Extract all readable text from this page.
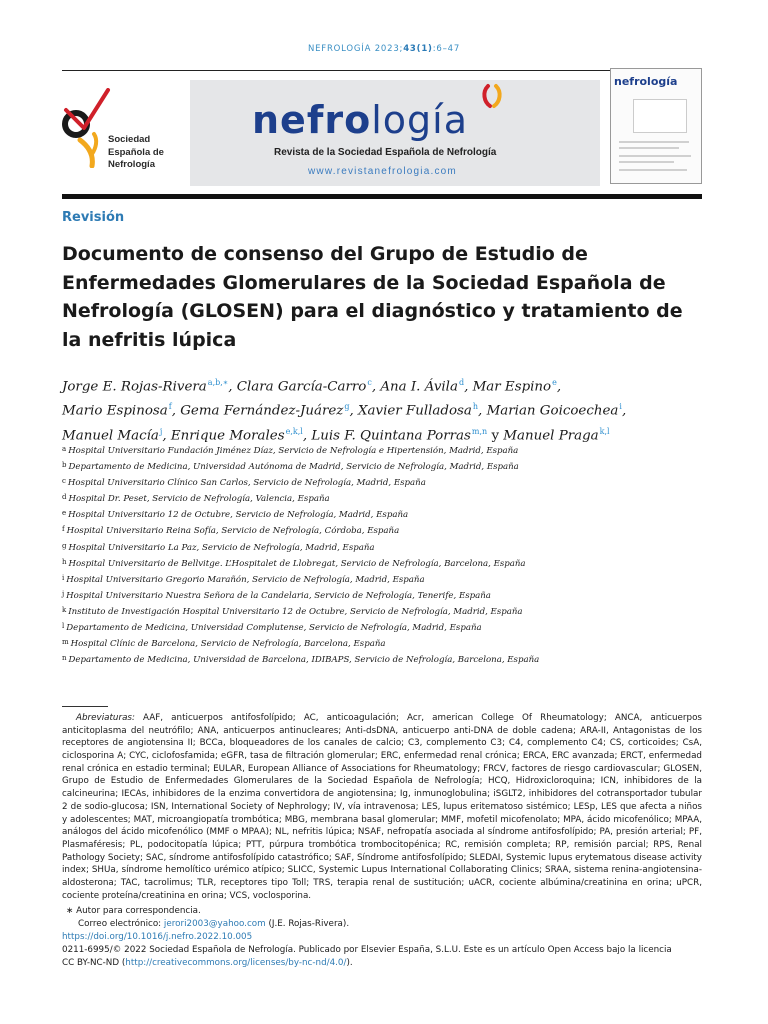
NEFROLOGÍA 2023;43(1):6–47
Sociedad
Española de
Nefrología
nefrología
Revista de la Sociedad Española de Nefrología
www.revistanefrologia.com
nefrología
Revisión
Documento de consenso del Grupo de Estudio de Enfermedades Glomerulares de la Sociedad Española de Nefrología (GLOSEN) para el diagnóstico y tratamiento de la nefritis lúpica
Jorge E. Rojas-Rivera$^{a,b,∗}$, Clara García-Carro$^c$, Ana I. Ávila$^d$, Mar Espino$^e$,
Mario Espinosa$^f$, Gema Fernández-Juárez$^g$, Xavier Fulladosa$^h$, Marian Goicoechea$^i$,
Manuel Macía$^j$, Enrique Morales$^{e,k,l}$, Luis F. Quintana Porras$^{m,n}$ y Manuel Praga$^{k,l}$
$^a$ Hospital Universitario Fundación Jiménez Díaz, Servicio de Nefrología e Hipertensión, Madrid, España
$^b$ Departamento de Medicina, Universidad Autónoma de Madrid, Servicio de Nefrología, Madrid, España
$^c$ Hospital Universitario Clínico San Carlos, Servicio de Nefrología, Madrid, España
$^d$ Hospital Dr. Peset, Servicio de Nefrología, Valencia, España
$^e$ Hospital Universitario 12 de Octubre, Servicio de Nefrología, Madrid, España
$^f$ Hospital Universitario Reina Sofía, Servicio de Nefrología, Córdoba, España
$^g$ Hospital Universitario La Paz, Servicio de Nefrología, Madrid, España
$^h$ Hospital Universitario de Bellvitge. L’Hospitalet de Llobregat, Servicio de Nefrología, Barcelona, España
$^i$ Hospital Universitario Gregorio Marañón, Servicio de Nefrología, Madrid, España
$^j$ Hospital Universitario Nuestra Señora de la Candelaria, Servicio de Nefrología, Tenerife, España
$^k$ Instituto de Investigación Hospital Universitario 12 de Octubre, Servicio de Nefrología, Madrid, España
$^l$ Departamento de Medicina, Universidad Complutense, Servicio de Nefrología, Madrid, España
$^m$ Hospital Clínic de Barcelona, Servicio de Nefrología, Barcelona, España
$^n$ Departamento de Medicina, Universidad de Barcelona, IDIBAPS, Servicio de Nefrología, Barcelona, España

Abreviaturas: AAF, anticuerpos antifosfolípido; AC, anticoagulación; Acr, american College Of Rheumatology; ANCA, anticuerpos anticitoplasma del neutrófilo; ANA, anticuerpos antinucleares; Anti-dsDNA, anticuerpo anti-DNA de doble cadena; ARA-II, Antagonistas de los receptores de angiotensina II; BCCa, bloqueadores de los canales de calcio; C3, complemento C3; C4, complemento C4; CS, corticoides; CsA, ciclosporina A; CYC, ciclofosfamida; eGFR, tasa de filtración glomerular; ERC, enfermedad renal crónica; ERCA, ERC avanzada; ERCT, enfermedad renal crónica en estadio terminal; EULAR, European Alliance of Associations for Rheumatology; FRCV, factores de riesgo cardiovascular; GLOSEN, Grupo de Estudio de Enfermedades Glomerulares de la Sociedad Española de Nefrología; HCQ, Hidroxicloroquina; ICN, inhibidores de la calcineurina; IECAs, inhibidores de la enzima convertidora de angiotensina; Ig, inmunoglobulina; iSGLT2, inhibidores del cotransportador tubular 2 de sodio-glucosa; ISN, International Society of Nephrology; IV, vía intravenosa; LES, lupus eritematoso sistémico; LESp, LES que afecta a niños y adolescentes; MAT, microangiopatía trombótica; MBG, membrana basal glomerular; MMF, mofetil micofenolato; MPA, ácido micofenólico; MPAA, análogos del ácido micofenólico (MMF o MPAA); NL, nefritis lúpica; NSAF, nefropatía asociada al síndrome antifosfolípido; PA, presión arterial; PF, Plasmaféresis; PL, podocitopatía lúpica; PTT, púrpura trombótica trombocitopénica; RC, remisión completa; RP, remisión parcial; RPS, Renal Pathology Society; SAC, síndrome antifosfolípido catastrófico; SAF, Síndrome antifosfolípido; SLEDAI, Systemic lupus erytematous disease activity index; SHUa, síndrome hemolítico urémico atípico; SLICC, Systemic Lupus International Collaborating Clinics; SRAA, sistema renina-angiotensina-aldosterona; TAC, tacrolimus; TLR, receptores tipo Toll; TRS, terapia renal de sustitución; uACR, cociente albúmina/creatinina en orina; uPCR, cociente proteína/creatinina en orina; VCS, voclosporina.

∗ Autor para correspondencia.
Correo electrónico: jerori2003@yahoo.com (J.E. Rojas-Rivera).
https://doi.org/10.1016/j.nefro.2022.10.005
0211-6995/© 2022 Sociedad Española de Nefrología. Publicado por Elsevier España, S.L.U. Este es un artículo Open Access bajo la licencia
CC BY-NC-ND (http://creativecommons.org/licenses/by-nc-nd/4.0/).
